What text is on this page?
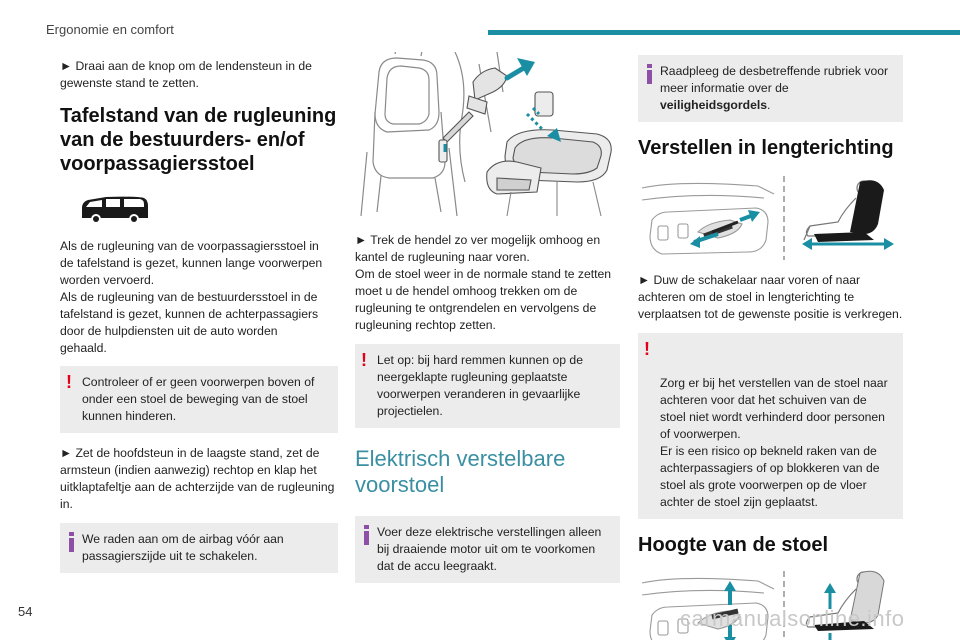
Ergonomie en comfort

► Draai aan de knop om de lendensteun in de gewenste stand te zetten.

Tafelstand van de rugleuning van de bestuurders- en/of voorpassagiersstoel

Als de rugleuning van de voorpassagiersstoel in

de tafelstand is gezet, kunnen lange voorwerpen

worden vervoerd.

Als de rugleuning van de bestuurdersstoel in de

tafelstand is gezet, kunnen de achterpassagiers

door de hulpdiensten uit de auto worden

gehaald.

! Controleer of er geen voorwerpen boven of onder een stoel de beweging van de stoel kunnen hinderen.

► Zet de hoofdsteun in de laagste stand, zet de armsteun (indien aanwezig) rechtop en klap het uitklaptafeltje aan de achterzijde van de rugleuning in.

We raden aan om de airbag vóór aan passagierszijde uit te schakelen.

► Trek de hendel zo ver mogelijk omhoog en

kantel de rugleuning naar voren.

Om de stoel weer in de normale stand te zetten

moet u de hendel omhoog trekken om de

rugleuning te ontgrendelen en vervolgens de

rugleuning rechtop zetten.

! Let op: bij hard remmen kunnen op de neergeklapte rugleuning geplaatste voorwerpen veranderen in gevaarlijke projectielen.
Elektrisch verstelbare voorstoel
Voer deze elektrische verstellingen alleen bij draaiende motor uit om te voorkomen dat de accu leegraakt.
Raadpleeg de desbetreffende rubriek voor meer informatie over de veiligheidsgordels.
Verstellen in lengterichting

► Duw de schakelaar naar voren of naar achteren om de stoel in lengterichting te verplaatsen tot de gewenste positie is verkregen.

!

Zorg er bij het verstellen van de stoel naar achteren voor dat het schuiven van de stoel niet wordt verhinderd door personen of voorwerpen.
Er is een risico op bekneld raken van de achterpassagiers of op blokkeren van de stoel als grote voorwerpen op de vloer achter de stoel zijn geplaatst.

Hoogte van de stoel
54	carmanualsonline.info
